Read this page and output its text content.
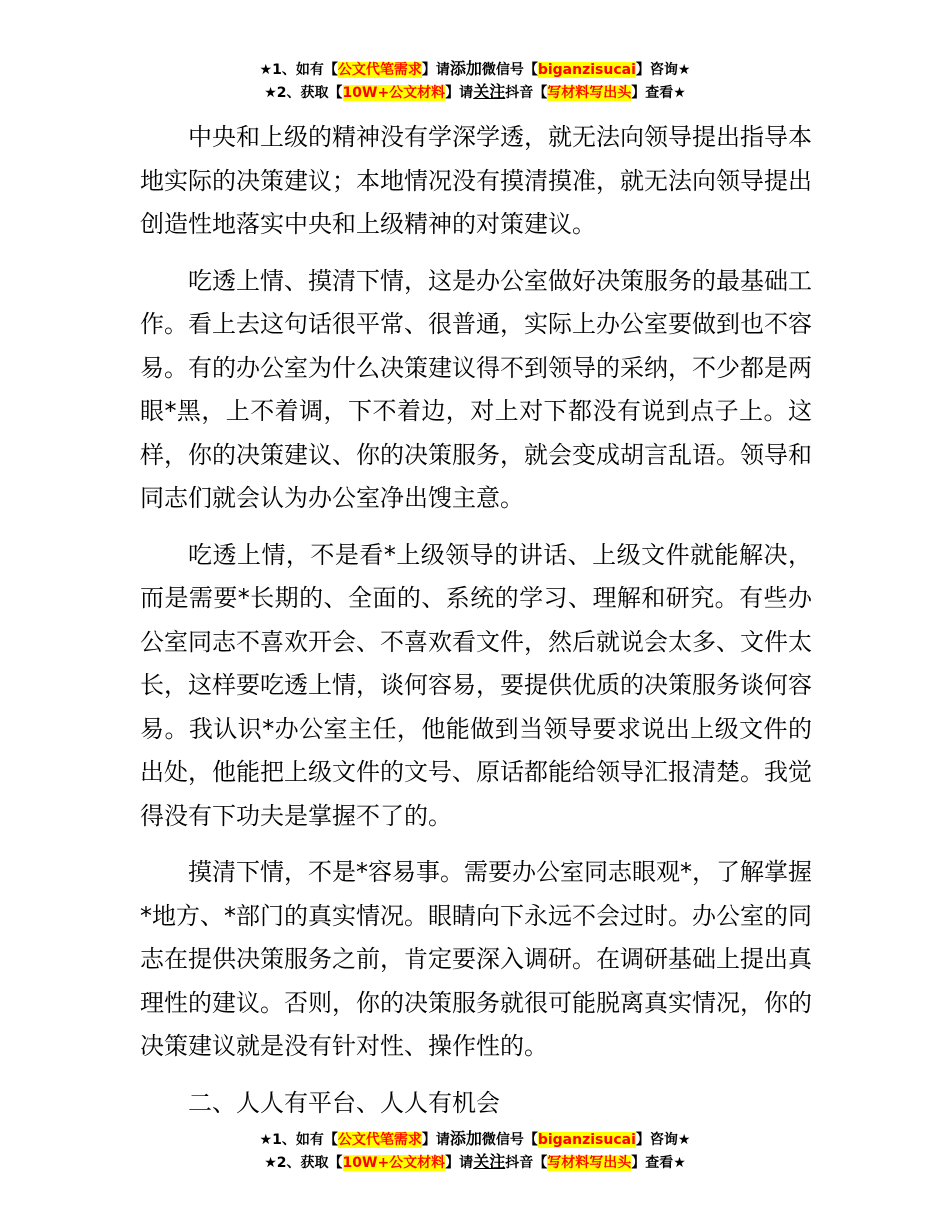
★1、如有【公文代笔需求】请添加微信号【biganzisucai】咨询★
★2、获取【10W+公文材料】请关注抖音【写材料写出头】查看★

中央和上级的精神没有学深学透，就无法向领导提出指导本地实际的决策建议；本地情况没有摸清摸准，就无法向领导提出创造性地落实中央和上级精神的对策建议。

吃透上情、摸清下情，这是办公室做好决策服务的最基础工作。看上去这句话很平常、很普通，实际上办公室要做到也不容易。有的办公室为什么决策建议得不到领导的采纳，不少都是两眼*黑，上不着调，下不着边，对上对下都没有说到点子上。这样，你的决策建议、你的决策服务，就会变成胡言乱语。领导和同志们就会认为办公室净出馊主意。

吃透上情，不是看*上级领导的讲话、上级文件就能解决，而是需要*长期的、全面的、系统的学习、理解和研究。有些办公室同志不喜欢开会、不喜欢看文件，然后就说会太多、文件太长，这样要吃透上情，谈何容易，要提供优质的决策服务谈何容易。我认识*办公室主任，他能做到当领导要求说出上级文件的出处，他能把上级文件的文号、原话都能给领导汇报清楚。我觉得没有下功夫是掌握不了的。

摸清下情，不是*容易事。需要办公室同志眼观*，了解掌握*地方、*部门的真实情况。眼睛向下永远不会过时。办公室的同志在提供决策服务之前，肯定要深入调研。在调研基础上提出真理性的建议。否则，你的决策服务就很可能脱离真实情况，你的决策建议就是没有针对性、操作性的。

二、人人有平台、人人有机会

★1、如有【公文代笔需求】请添加微信号【biganzisucai】咨询★
★2、获取【10W+公文材料】请关注抖音【写材料写出头】查看★
